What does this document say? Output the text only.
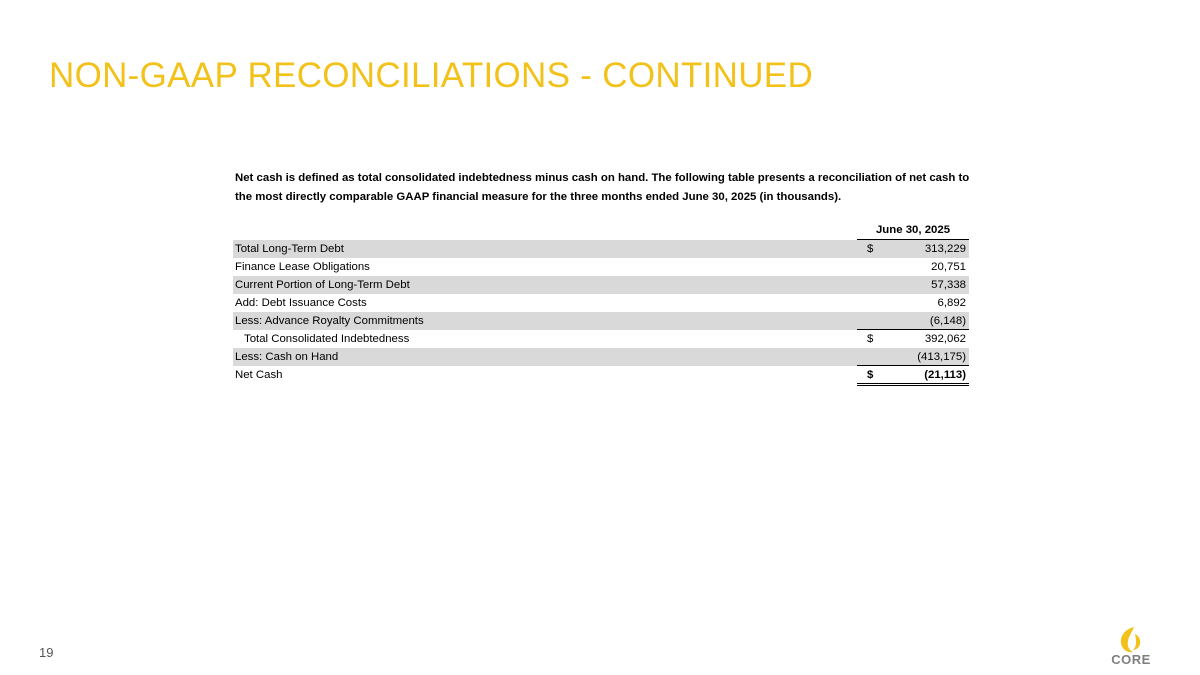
NON-GAAP RECONCILIATIONS - CONTINUED
Net cash is defined as total consolidated indebtedness minus cash on hand. The following table presents a reconciliation of net cash to the most directly comparable GAAP financial measure for the three months ended June 30, 2025 (in thousands).
June 30, 2025
Total Long-Term Debt	$	313,229
Finance Lease Obligations	20,751
Current Portion of Long-Term Debt	57,338
Add: Debt Issuance Costs	6,892
Less: Advance Royalty Commitments	(6,148)
Total Consolidated Indebtedness	$	392,062
Less: Cash on Hand	(413,175)
Net Cash	$	(21,113)
19	CORE
